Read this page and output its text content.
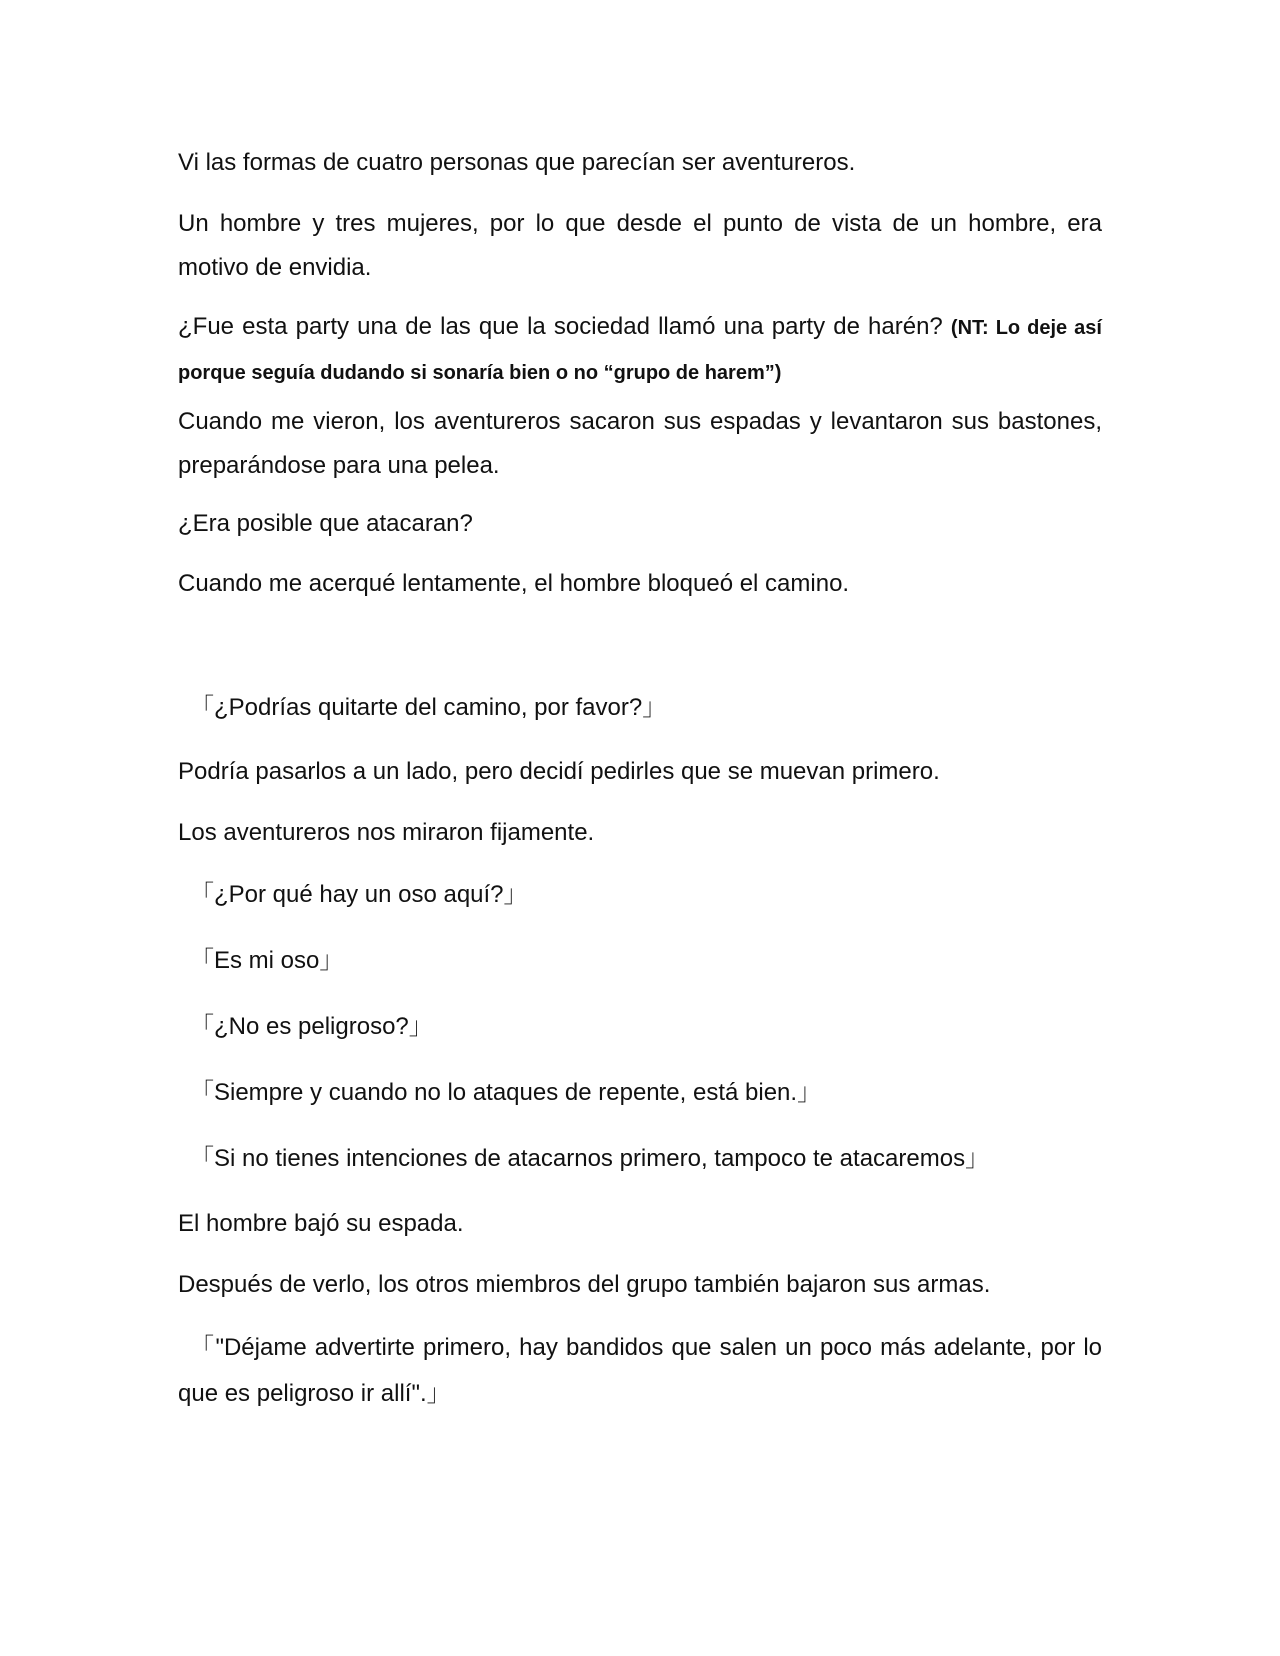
Vi las formas de cuatro personas que parecían ser aventureros.

Un hombre y tres mujeres, por lo que desde el punto de vista de un hombre, era motivo de envidia.

¿Fue esta party una de las que la sociedad llamó una party de harén? (NT: Lo deje así porque seguía dudando si sonaría bien o no “grupo de harem”)

Cuando me vieron, los aventureros sacaron sus espadas y levantaron sus bastones, preparándose para una pelea.

¿Era posible que atacaran?

Cuando me acerqué lentamente, el hombre bloqueó el camino.

「¿Podrías quitarte del camino, por favor?」

Podría pasarlos a un lado, pero decidí pedirles que se muevan primero.

Los aventureros nos miraron fijamente.

「¿Por qué hay un oso aquí?」

「Es mi oso」

「¿No es peligroso?」

「Siempre y cuando no lo ataques de repente, está bien.」

「Si no tienes intenciones de atacarnos primero, tampoco te atacaremos」

El hombre bajó su espada.

Después de verlo, los otros miembros del grupo también bajaron sus armas.

「"Déjame advertirte primero, hay bandidos que salen un poco más adelante, por lo que es peligroso ir allí".」
